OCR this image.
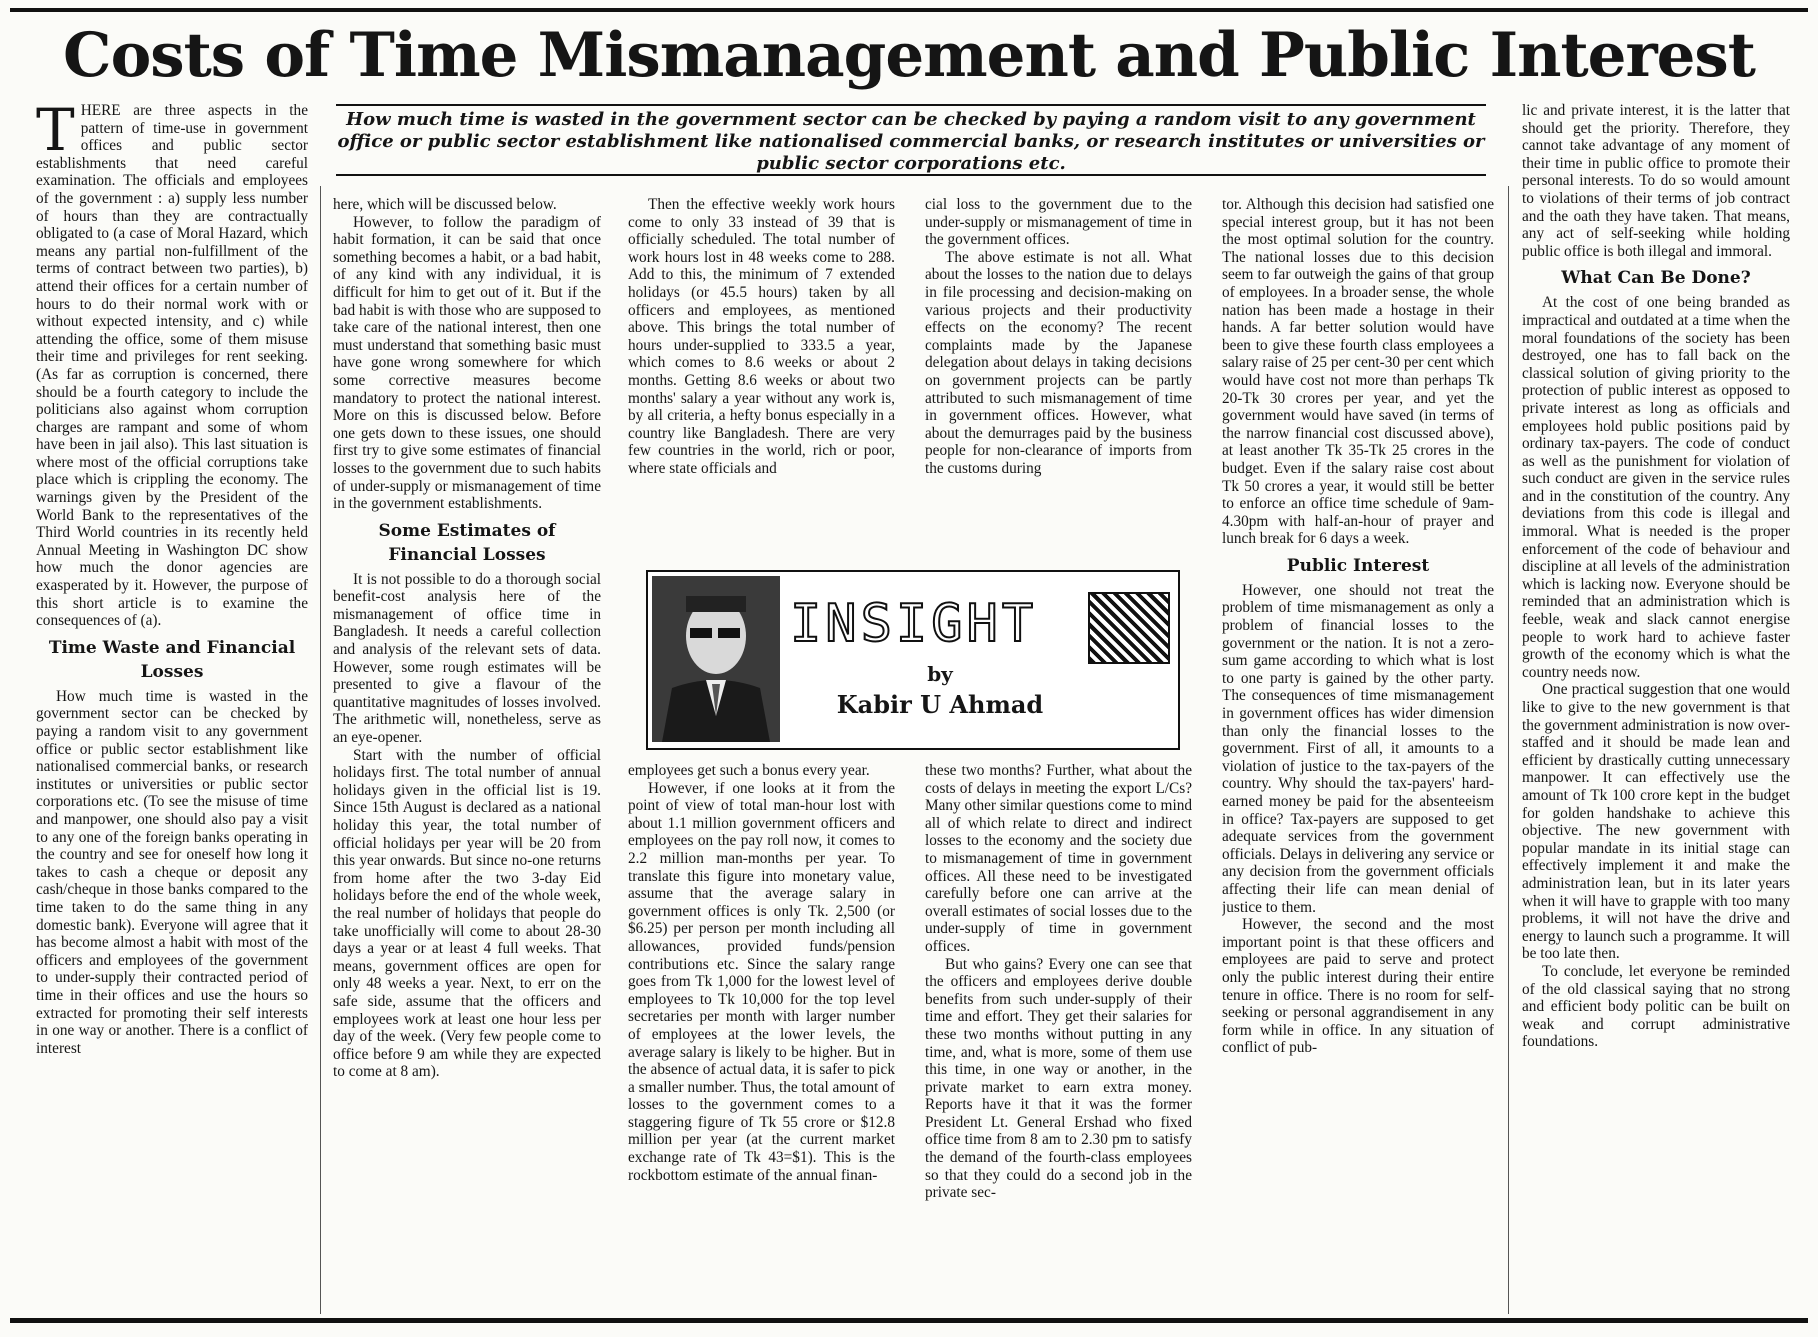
Costs of Time Mismanagement and Public Interest
How much time is wasted in the government sector can be checked by paying a random visit to any government office or public sector establishment like nationalised commercial banks, or research institutes or universities or public sector corporations etc.

THERE are three aspects in the pattern of time-use in government offices and public sector establishments that need careful examination. The officials and employees of the government : a) supply less number of hours than they are contractually obligated to (a case of Moral Hazard, which means any partial non-fulfillment of the terms of contract between two parties), b) attend their offices for a certain number of hours to do their normal work with or without expected intensity, and c) while attending the office, some of them misuse their time and privileges for rent seeking. (As far as corruption is concerned, there should be a fourth category to include the politicians also against whom corruption charges are rampant and some of whom have been in jail also). This last situation is where most of the official corruptions take place which is crippling the economy. The warnings given by the President of the World Bank to the representatives of the Third World countries in its recently held Annual Meeting in Washington DC show how much the donor agencies are exasperated by it. However, the purpose of this short article is to examine the consequences of (a).

Time Waste and Financial Losses

How much time is wasted in the government sector can be checked by paying a random visit to any government office or public sector establishment like nationalised commercial banks, or research institutes or universities or public sector corporations etc. (To see the misuse of time and manpower, one should also pay a visit to any one of the foreign banks operating in the country and see for oneself how long it takes to cash a cheque or deposit any cash/cheque in those banks compared to the time taken to do the same thing in any domestic bank). Everyone will agree that it has become almost a habit with most of the officers and employees of the government to under-supply their contracted period of time in their offices and use the hours so extracted for promoting their self interests in one way or another. There is a conflict of interest

here, which will be discussed below.

However, to follow the paradigm of habit formation, it can be said that once something becomes a habit, or a bad habit, of any kind with any individual, it is difficult for him to get out of it. But if the bad habit is with those who are supposed to take care of the national interest, then one must understand that something basic must have gone wrong somewhere for which some corrective measures become mandatory to protect the national interest. More on this is discussed below. Before one gets down to these issues, one should first try to give some estimates of financial losses to the government due to such habits of under-supply or mismanagement of time in the government establishments.

Some Estimates of Financial Losses

It is not possible to do a thorough social benefit-cost analysis here of the mismanagement of office time in Bangladesh. It needs a careful collection and analysis of the relevant sets of data. However, some rough estimates will be presented to give a flavour of the quantitative magnitudes of losses involved. The arithmetic will, nonetheless, serve as an eye-opener.

Start with the number of official holidays first. The total number of annual holidays given in the official list is 19. Since 15th August is declared as a national holiday this year, the total number of official holidays per year will be 20 from this year onwards. But since no-one returns from home after the two 3-day Eid holidays before the end of the whole week, the real number of holidays that people do take unofficially will come to about 28-30 days a year or at least 4 full weeks. That means, government offices are open for only 48 weeks a year. Next, to err on the safe side, assume that the officers and employees work at least one hour less per day of the week. (Very few people come to office before 9 am while they are expected to come at 8 am).

Then the effective weekly work hours come to only 33 instead of 39 that is officially scheduled. The total number of work hours lost in 48 weeks come to 288. Add to this, the minimum of 7 extended holidays (or 45.5 hours) taken by all officers and employees, as mentioned above. This brings the total number of hours under-supplied to 333.5 a year, which comes to 8.6 weeks or about 2 months. Getting 8.6 weeks or about two months' salary a year without any work is, by all criteria, a hefty bonus especially in a country like Bangladesh. There are very few countries in the world, rich or poor, where state officials and

cial loss to the government due to the under-supply or mismanagement of time in the government offices.

The above estimate is not all. What about the losses to the nation due to delays in file processing and decision-making on various projects and their productivity effects on the economy? The recent complaints made by the Japanese delegation about delays in taking decisions on government projects can be partly attributed to such mismanagement of time in government offices. However, what about the demurrages paid by the business people for non-clearance of imports from the customs during

INSIGHT
by
Kabir U Ahmad

employees get such a bonus every year.

However, if one looks at it from the point of view of total man-hour lost with about 1.1 million government officers and employees on the pay roll now, it comes to 2.2 million man-months per year. To translate this figure into monetary value, assume that the average salary in government offices is only Tk. 2,500 (or $6.25) per person per month including all allowances, provided funds/pension contributions etc. Since the salary range goes from Tk 1,000 for the lowest level of employees to Tk 10,000 for the top level secretaries per month with larger number of employees at the lower levels, the average salary is likely to be higher. But in the absence of actual data, it is safer to pick a smaller number. Thus, the total amount of losses to the government comes to a staggering figure of Tk 55 crore or $12.8 million per year (at the current market exchange rate of Tk 43=$1). This is the rockbottom estimate of the annual finan-

these two months? Further, what about the costs of delays in meeting the export L/Cs? Many other similar questions come to mind all of which relate to direct and indirect losses to the economy and the society due to mismanagement of time in government offices. All these need to be investigated carefully before one can arrive at the overall estimates of social losses due to the under-supply of time in government offices.

But who gains? Every one can see that the officers and employees derive double benefits from such under-supply of their time and effort. They get their salaries for these two months without putting in any time, and, what is more, some of them use this time, in one way or another, in the private market to earn extra money. Reports have it that it was the former President Lt. General Ershad who fixed office time from 8 am to 2.30 pm to satisfy the demand of the fourth-class employees so that they could do a second job in the private sec-

tor. Although this decision had satisfied one special interest group, but it has not been the most optimal solution for the country. The national losses due to this decision seem to far outweigh the gains of that group of employees. In a broader sense, the whole nation has been made a hostage in their hands. A far better solution would have been to give these fourth class employees a salary raise of 25 per cent-30 per cent which would have cost not more than perhaps Tk 20-Tk 30 crores per year, and yet the government would have saved (in terms of the narrow financial cost discussed above), at least another Tk 35-Tk 25 crores in the budget. Even if the salary raise cost about Tk 50 crores a year, it would still be better to enforce an office time schedule of 9am-4.30pm with half-an-hour of prayer and lunch break for 6 days a week.

Public Interest

However, one should not treat the problem of time mismanagement as only a problem of financial losses to the government or the nation. It is not a zero-sum game according to which what is lost to one party is gained by the other party. The consequences of time mismanagement in government offices has wider dimension than only the financial losses to the government. First of all, it amounts to a violation of justice to the tax-payers of the country. Why should the tax-payers' hard-earned money be paid for the absenteeism in office? Tax-payers are supposed to get adequate services from the government officials. Delays in delivering any service or any decision from the government officials affecting their life can mean denial of justice to them.

However, the second and the most important point is that these officers and employees are paid to serve and protect only the public interest during their entire tenure in office. There is no room for self-seeking or personal aggrandisement in any form while in office. In any situation of conflict of pub-

lic and private interest, it is the latter that should get the priority. Therefore, they cannot take advantage of any moment of their time in public office to promote their personal interests. To do so would amount to violations of their terms of job contract and the oath they have taken. That means, any act of self-seeking while holding public office is both illegal and immoral.

What Can Be Done?

At the cost of one being branded as impractical and outdated at a time when the moral foundations of the society has been destroyed, one has to fall back on the classical solution of giving priority to the protection of public interest as opposed to private interest as long as officials and employees hold public positions paid by ordinary tax-payers. The code of conduct as well as the punishment for violation of such conduct are given in the service rules and in the constitution of the country. Any deviations from this code is illegal and immoral. What is needed is the proper enforcement of the code of behaviour and discipline at all levels of the administration which is lacking now. Everyone should be reminded that an administration which is feeble, weak and slack cannot energise people to work hard to achieve faster growth of the economy which is what the country needs now.

One practical suggestion that one would like to give to the new government is that the government administration is now over-staffed and it should be made lean and efficient by drastically cutting unnecessary manpower. It can effectively use the amount of Tk 100 crore kept in the budget for golden handshake to achieve this objective. The new government with popular mandate in its initial stage can effectively implement it and make the administration lean, but in its later years when it will have to grapple with too many problems, it will not have the drive and energy to launch such a programme. It will be too late then.

To conclude, let everyone be reminded of the old classical saying that no strong and efficient body politic can be built on weak and corrupt administrative foundations.
